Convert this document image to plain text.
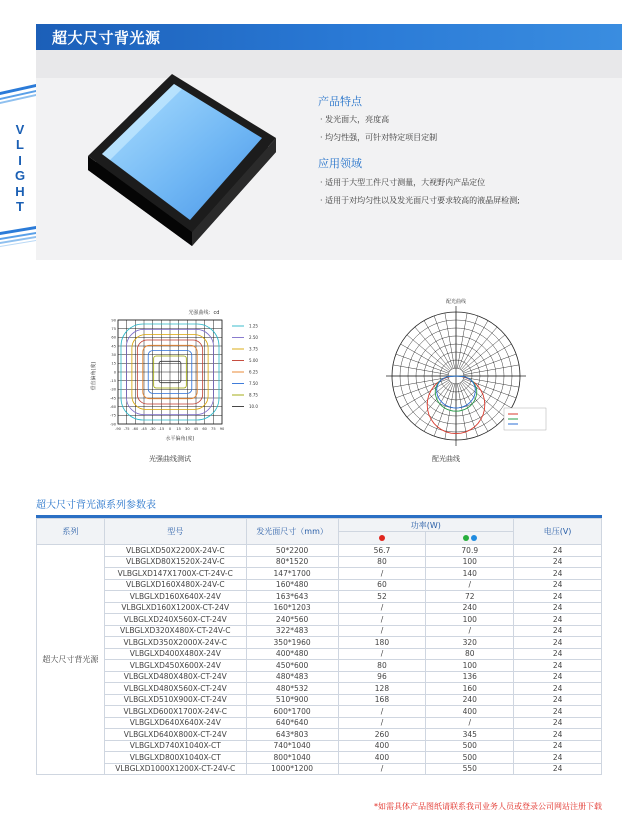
V
L
I
G
H
T
超大尺寸背光源
产品特点
· 发光面大，亮度高
· 均匀性强，可针对特定项目定制
应用领域
· 适用于大型工件尺寸测量，大视野内产品定位
· 适用于对均匀性以及发光面尺寸要求较高的液晶屏检测;
光强曲线：cd
-90 -75 -60 -45 -30 -15 0 15 30 45 60 75 90
90
75
60
45
30
15
0
-15
-30
-45
-60
-75
-90
1.25
2.50
3.75
5.00
6.25
7.50
8.75
10.0
水平偏角(度)
垂直偏角(度)
光强曲线测试
配光曲线
配光曲线
超大尺寸背光源系列参数表
系列	型号	发光面尺寸（mm）	功率(W)		电压(V)

超大尺寸背光源	VLBGLXD50X2200X-24V-C	50*2200	56.7	70.9	24
	VLBGLXD80X1520X-24V-C	80*1520	80	100	24
	VLBGLXD147X1700X-CT-24V-C	147*1700	/	140	24
	VLBGLXD160X480X-24V-C	160*480	60	/	24
	VLBGLXD160X640X-24V	163*643	52	72	24
	VLBGLXD160X1200X-CT-24V	160*1203	/	240	24
	VLBGLXD240X560X-CT-24V	240*560	/	100	24
	VLBGLXD320X480X-CT-24V-C	322*483	/	/	24
	VLBGLXD350X2000X-24V-C	350*1960	180	320	24
	VLBGLXD400X480X-24V	400*480	/	80	24
	VLBGLXD450X600X-24V	450*600	80	100	24
	VLBGLXD480X480X-CT-24V	480*483	96	136	24
	VLBGLXD480X560X-CT-24V	480*532	128	160	24
	VLBGLXD510X900X-CT-24V	510*900	168	240	24
	VLBGLXD600X1700X-24V-C	600*1700	/	400	24
	VLBGLXD640X640X-24V	640*640	/	/	24
	VLBGLXD640X800X-CT-24V	643*803	260	345	24
	VLBGLXD740X1040X-CT	740*1040	400	500	24
	VLBGLXD800X1040X-CT	800*1040	400	500	24
	VLBGLXD1000X1200X-CT-24V-C	1000*1200	/	550	24
*如需具体产品图纸请联系我司业务人员或登录公司网站注册下载
